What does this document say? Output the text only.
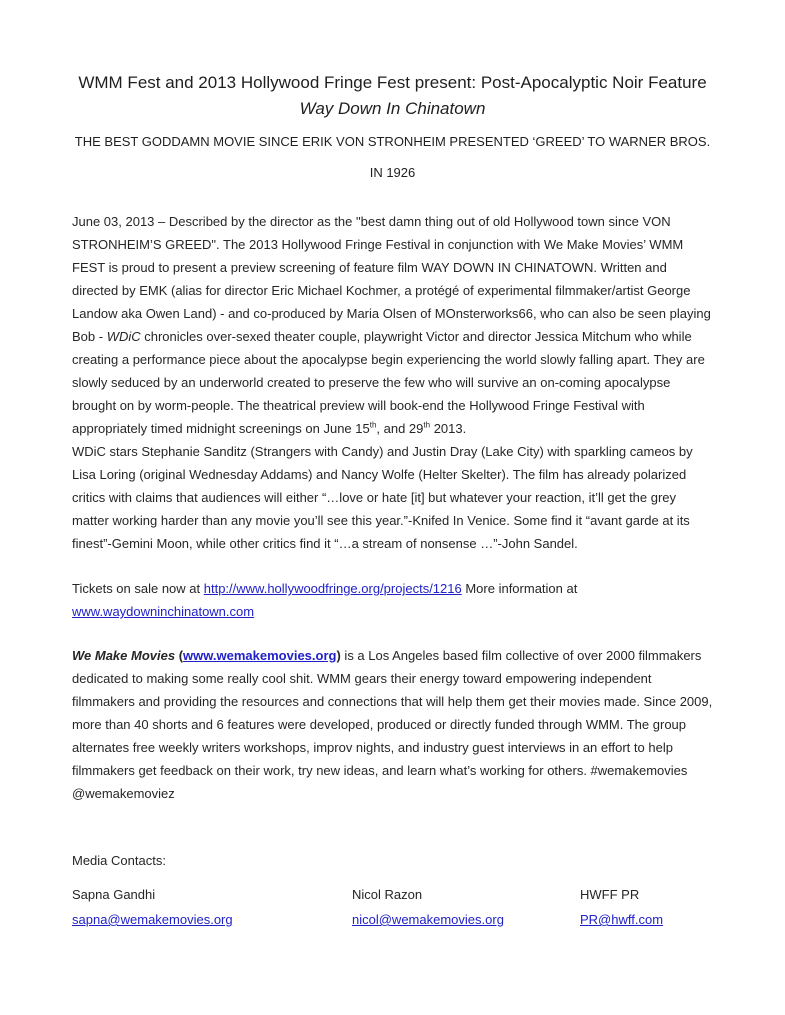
WMM Fest and 2013 Hollywood Fringe Fest present: Post-Apocalyptic Noir Feature Way Down In Chinatown
THE BEST GODDAMN MOVIE SINCE ERIK VON STRONHEIM PRESENTED ‘GREED’ TO WARNER BROS. IN 1926

June 03, 2013 – Described by the director as the "best damn thing out of old Hollywood town since VON STRONHEIM’S GREED". The 2013 Hollywood Fringe Festival in conjunction with We Make Movies’ WMM FEST is proud to present a preview screening of feature film WAY DOWN IN CHINATOWN. Written and directed by EMK (alias for director Eric Michael Kochmer, a protégé of experimental filmmaker/artist George Landow aka Owen Land) - and co-produced by Maria Olsen of MOnsterworks66, who can also be seen playing Bob - WDiC chronicles over-sexed theater couple, playwright Victor and director Jessica Mitchum who while creating a performance piece about the apocalypse begin experiencing the world slowly falling apart. They are slowly seduced by an underworld created to preserve the few who will survive an on-coming apocalypse brought on by worm-people. The theatrical preview will book-end the Hollywood Fringe Festival with appropriately timed midnight screenings on June 15th, and 29th 2013.
WDiC stars Stephanie Sanditz (Strangers with Candy) and Justin Dray (Lake City) with sparkling cameos by Lisa Loring (original Wednesday Addams) and Nancy Wolfe (Helter Skelter). The film has already polarized critics with claims that audiences will either “…love or hate [it] but whatever your reaction, it’ll get the grey matter working harder than any movie you’ll see this year.”-Knifed In Venice. Some find it “avant garde at its finest”-Gemini Moon, while other critics find it “…a stream of nonsense …”-John Sandel.

Tickets on sale now at http://www.hollywoodfringe.org/projects/1216 More information at www.waydowninchinatown.com

We Make Movies (www.wemakemovies.org) is a Los Angeles based film collective of over 2000 filmmakers dedicated to making some really cool shit. WMM gears their energy toward empowering independent filmmakers and providing the resources and connections that will help them get their movies made. Since 2009, more than 40 shorts and 6 features were developed, produced or directly funded through WMM. The group alternates free weekly writers workshops, improv nights, and industry guest interviews in an effort to help filmmakers get feedback on their work, try new ideas, and learn what’s working for others. #wemakemovies @wemakemoviez

Media Contacts:
Sapna Gandhi
sapna@wemakemovies.org
Nicol Razon
nicol@wemakemovies.org
HWFF PR
PR@hwff.com
